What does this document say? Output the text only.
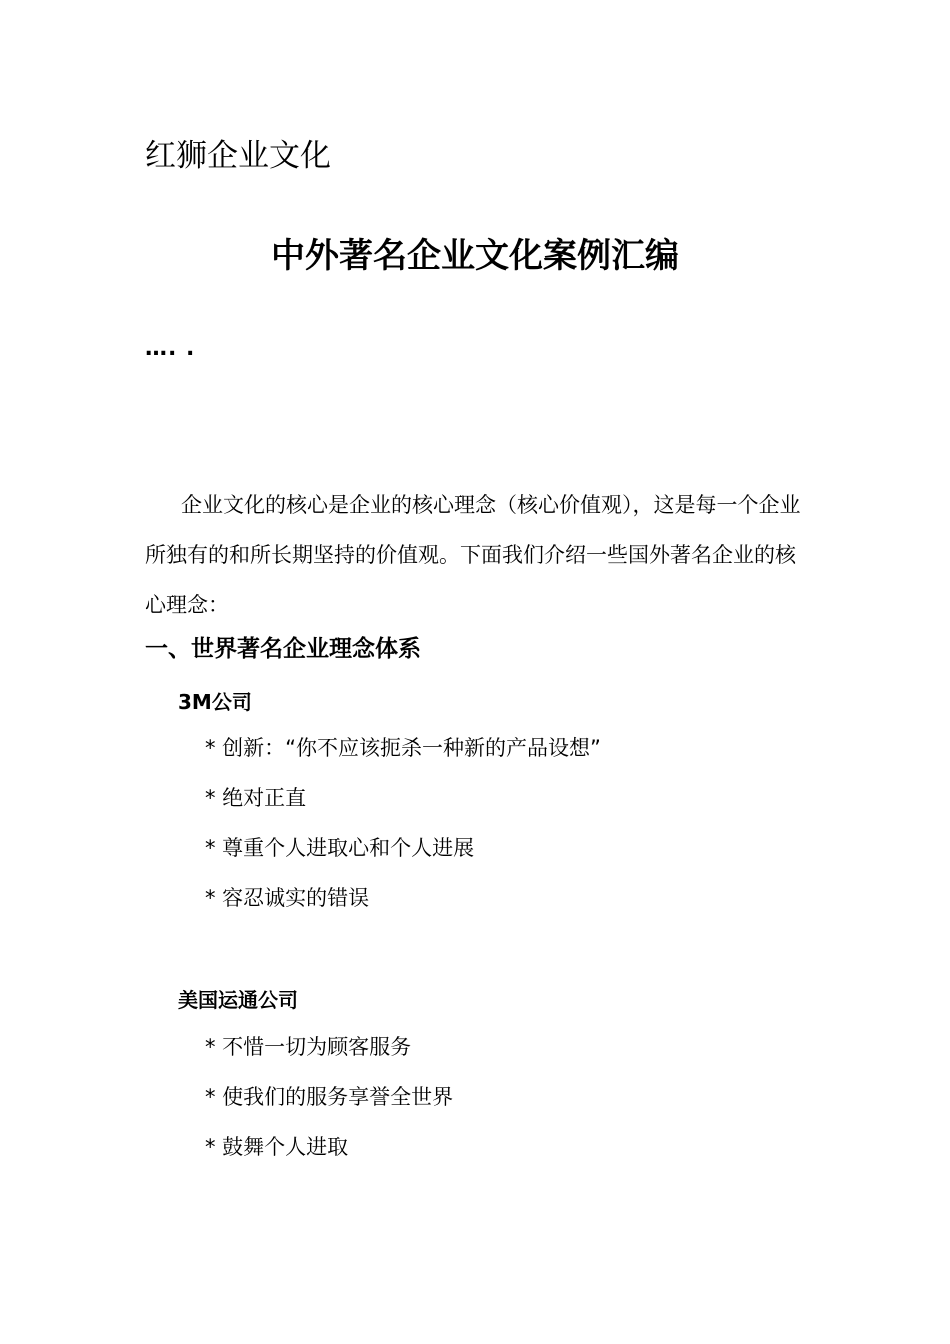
红狮企业文化
中外著名企业文化案例汇编
…. .
企业文化的核心是企业的核心理念（核心价值观），这是每一个企业所独有的和所长期坚持的价值观。下面我们介绍一些国外著名企业的核心理念：
一、世界著名企业理念体系
3M公司
* 创新：“你不应该扼杀一种新的产品设想”
* 绝对正直
* 尊重个人进取心和个人进展
* 容忍诚实的错误
美国运通公司
* 不惜一切为顾客服务
* 使我们的服务享誉全世界
* 鼓舞个人进取
